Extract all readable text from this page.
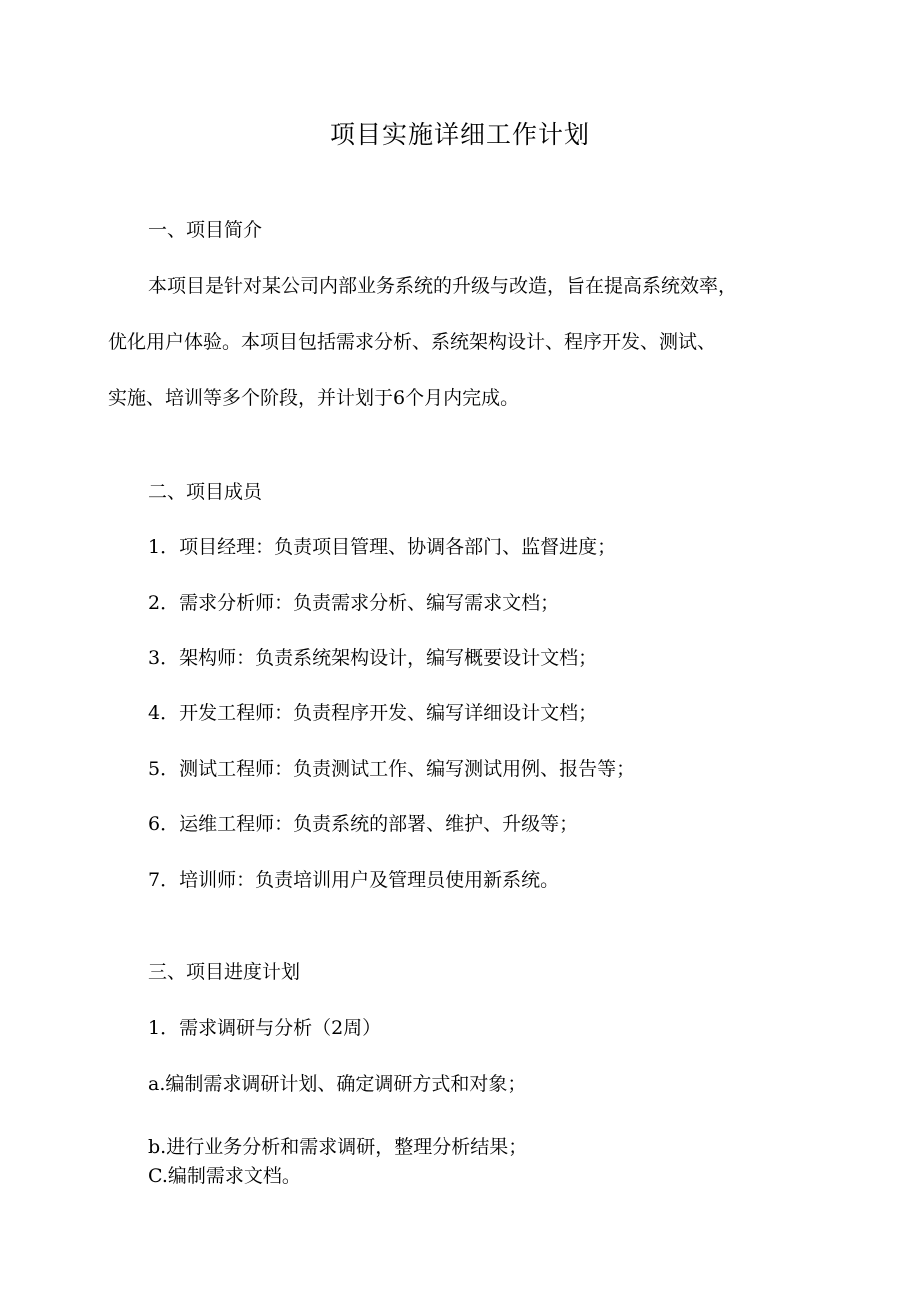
项目实施详细工作计划
一、项目简介
本项目是针对某公司内部业务系统的升级与改造，旨在提高系统效率，
优化用户体验。本项目包括需求分析、系统架构设计、程序开发、测试、
实施、培训等多个阶段，并计划于6个月内完成。
二、项目成员
1．项目经理：负责项目管理、协调各部门、监督进度；
2．需求分析师：负责需求分析、编写需求文档；
3．架构师：负责系统架构设计，编写概要设计文档；
4．开发工程师：负责程序开发、编写详细设计文档；
5．测试工程师：负责测试工作、编写测试用例、报告等；
6．运维工程师：负责系统的部署、维护、升级等；
7．培训师：负责培训用户及管理员使用新系统。
三、项目进度计划
1．需求调研与分析（2周）
a.编制需求调研计划、确定调研方式和对象；
b.进行业务分析和需求调研，整理分析结果；
C.编制需求文档。
